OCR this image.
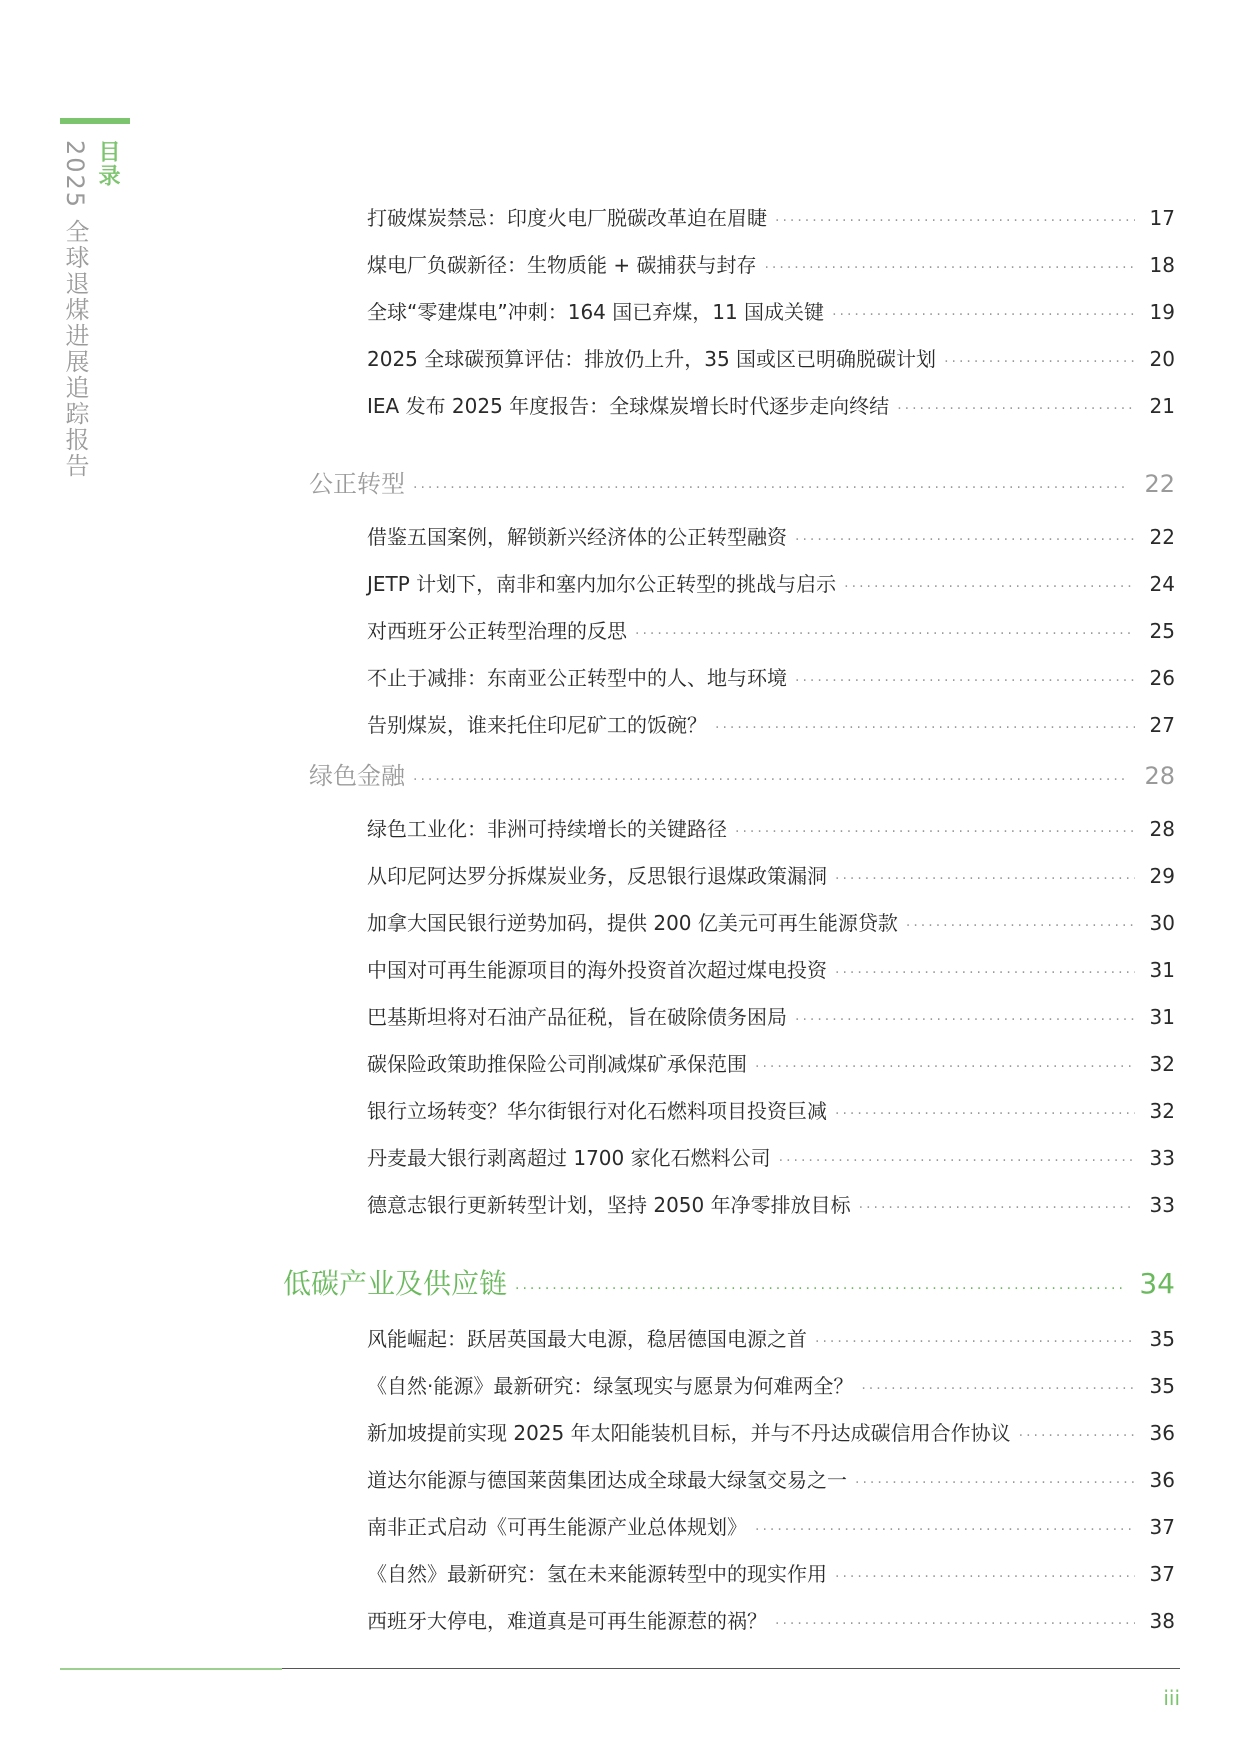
目录
2025 全球退煤进展追踪报告	打破煤炭禁忌：印度火电厂脱碳改革迫在眉睫 ·····	17
煤电厂负碳新径：生物质能 + 碳捕获与封存 ·····	18
全球“零建煤电”冲刺：164 国已弃煤，11 国成关键 ·····	19
2025 全球碳预算评估：排放仍上升，35 国或区已明确脱碳计划 ·····	20
IEA 发布 2025 年度报告：全球煤炭增长时代逐步走向终结 ·····	21
公正转型 ·····	22
借鉴五国案例，解锁新兴经济体的公正转型融资 ·····	22
JETP 计划下，南非和塞内加尔公正转型的挑战与启示 ·····	24
对西班牙公正转型治理的反思 ·····	25
不止于减排：东南亚公正转型中的人、地与环境 ·····	26
告别煤炭，谁来托住印尼矿工的饭碗？ ·····	27
绿色金融 ·····	28
绿色工业化：非洲可持续增长的关键路径 ·····	28
从印尼阿达罗分拆煤炭业务，反思银行退煤政策漏洞 ·····	29
加拿大国民银行逆势加码，提供 200 亿美元可再生能源贷款 ·····	30
中国对可再生能源项目的海外投资首次超过煤电投资 ·····	31
巴基斯坦将对石油产品征税，旨在破除债务困局 ·····	31
碳保险政策助推保险公司削减煤矿承保范围 ·····	32
银行立场转变？华尔街银行对化石燃料项目投资巨减 ·····	32
丹麦最大银行剥离超过 1700 家化石燃料公司 ·····	33
德意志银行更新转型计划，坚持 2050 年净零排放目标 ·····	33
低碳产业及供应链 ·····	34
风能崛起：跃居英国最大电源，稳居德国电源之首 ·····	35
《自然·能源》最新研究：绿氢现实与愿景为何难两全？ ·····	35
新加坡提前实现 2025 年太阳能装机目标，并与不丹达成碳信用合作协议 ·····	36
道达尔能源与德国莱茵集团达成全球最大绿氢交易之一 ·····	36
南非正式启动《可再生能源产业总体规划》 ·····	37
《自然》最新研究：氢在未来能源转型中的现实作用 ·····	37
西班牙大停电，难道真是可再生能源惹的祸？ ·····	38
iii
